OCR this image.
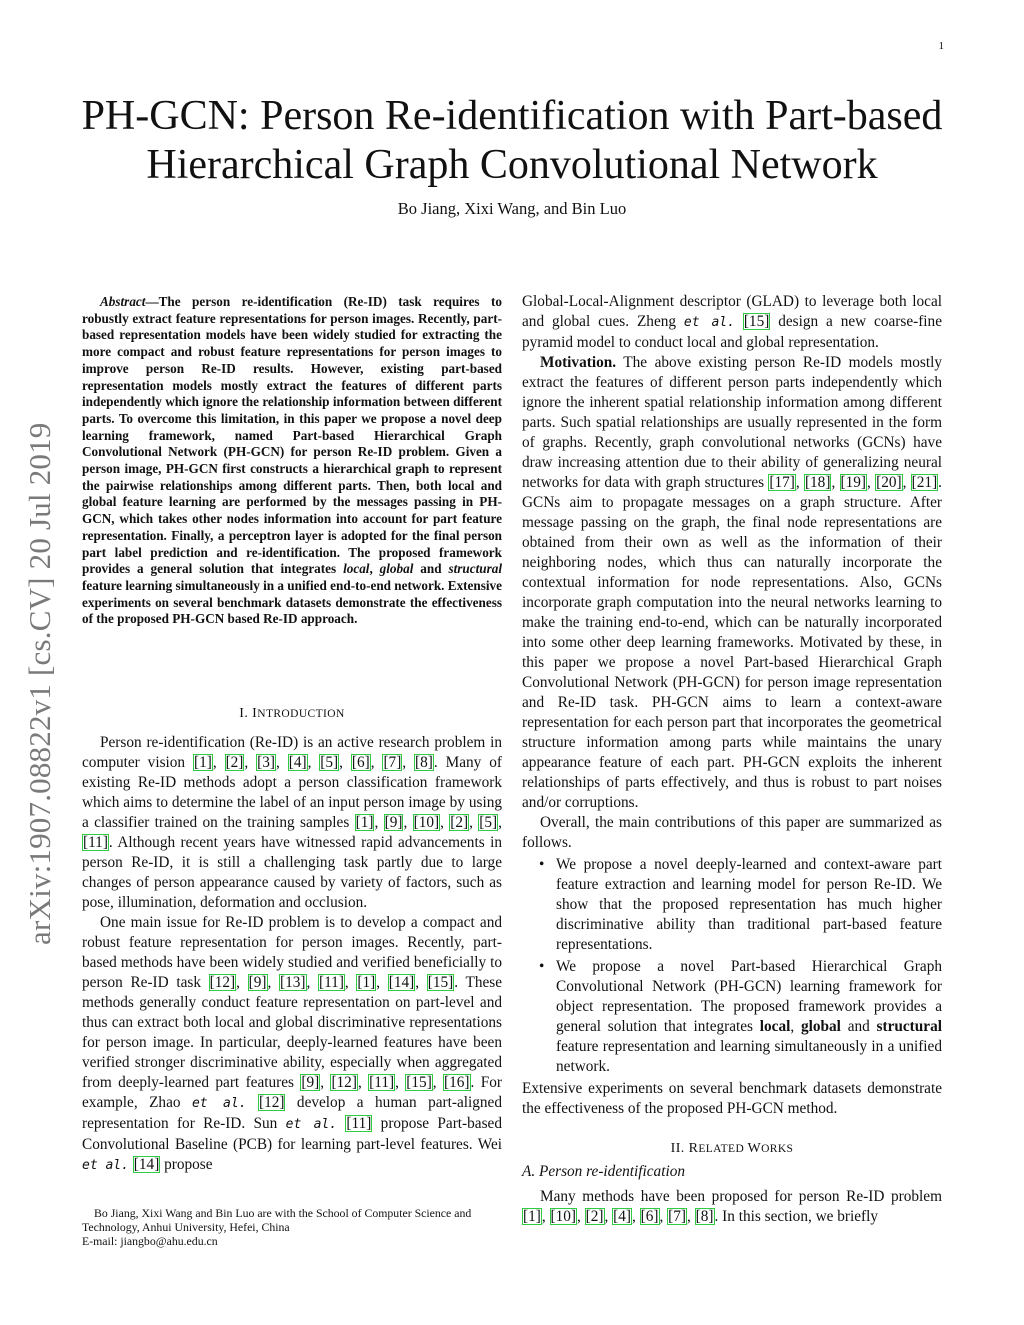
1
arXiv:1907.08822v1 [cs.CV] 20 Jul 2019
PH-GCN: Person Re-identification with Part-based
Hierarchical Graph Convolutional Network
Bo Jiang, Xixi Wang, and Bin Luo
Abstract—The person re-identification (Re-ID) task requires to robustly extract feature representations for person images. Recently, part-based representation models have been widely studied for extracting the more compact and robust feature representations for person images to improve person Re-ID results. However, existing part-based representation models mostly extract the features of different parts independently which ignore the relationship information between different parts. To overcome this limitation, in this paper we propose a novel deep learning framework, named Part-based Hierarchical Graph Convolutional Network (PH-GCN) for person Re-ID problem. Given a person image, PH-GCN first constructs a hierarchical graph to represent the pairwise relationships among different parts. Then, both local and global feature learning are performed by the messages passing in PH-GCN, which takes other nodes information into account for part feature representation. Finally, a perceptron layer is adopted for the final person part label prediction and re-identification. The proposed framework provides a general solution that integrates local, global and structural feature learning simultaneously in a unified end-to-end network. Extensive experiments on several benchmark datasets demonstrate the effectiveness of the proposed PH-GCN based Re-ID approach.

I. INTRODUCTION

Person re-identification (Re-ID) is an active research problem in computer vision [1], [2], [3], [4], [5], [6], [7], [8]. Many of existing Re-ID methods adopt a person classification framework which aims to determine the label of an input person image by using a classifier trained on the training samples [1], [9], [10], [2], [5], [11]. Although recent years have witnessed rapid advancements in person Re-ID, it is still a challenging task partly due to large changes of person appearance caused by variety of factors, such as pose, illumination, deformation and occlusion.

One main issue for Re-ID problem is to develop a compact and robust feature representation for person images. Recently, part-based methods have been widely studied and verified beneficially to person Re-ID task [12], [9], [13], [11], [1], [14], [15]. These methods generally conduct feature representation on part-level and thus can extract both local and global discriminative representations for person image. In particular, deeply-learned features have been verified stronger discriminative ability, especially when aggregated from deeply-learned part features [9], [12], [11], [15], [16]. For example, Zhao et al. [12] develop a human part-aligned representation for Re-ID. Sun et al. [11] propose Part-based Convolutional Baseline (PCB) for learning part-level features. Wei et al. [14] propose

Bo Jiang, Xixi Wang and Bin Luo are with the School of Computer Science and Technology, Anhui University, Hefei, China
E-mail: jiangbo@ahu.edu.cn

Global-Local-Alignment descriptor (GLAD) to leverage both local and global cues. Zheng et al. [15] design a new coarse-fine pyramid model to conduct local and global representation.

Motivation. The above existing person Re-ID models mostly extract the features of different person parts independently which ignore the inherent spatial relationship information among different parts. Such spatial relationships are usually represented in the form of graphs. Recently, graph convolutional networks (GCNs) have draw increasing attention due to their ability of generalizing neural networks for data with graph structures [17], [18], [19], [20], [21]. GCNs aim to propagate messages on a graph structure. After message passing on the graph, the final node representations are obtained from their own as well as the information of their neighboring nodes, which thus can naturally incorporate the contextual information for node representations. Also, GCNs incorporate graph computation into the neural networks learning to make the training end-to-end, which can be naturally incorporated into some other deep learning frameworks. Motivated by these, in this paper we propose a novel Part-based Hierarchical Graph Convolutional Network (PH-GCN) for person image representation and Re-ID task. PH-GCN aims to learn a context-aware representation for each person part that incorporates the geometrical structure information among parts while maintains the unary appearance feature of each part. PH-GCN exploits the inherent relationships of parts effectively, and thus is robust to part noises and/or corruptions.

Overall, the main contributions of this paper are summarized as follows.

• We propose a novel deeply-learned and context-aware part feature extraction and learning model for person Re-ID. We show that the proposed representation has much higher discriminative ability than traditional part-based feature representations.
• We propose a novel Part-based Hierarchical Graph Convolutional Network (PH-GCN) learning framework for object representation. The proposed framework provides a general solution that integrates local, global and structural feature representation and learning simultaneously in a unified network.

Extensive experiments on several benchmark datasets demonstrate the effectiveness of the proposed PH-GCN method.

II. RELATED WORKS

A. Person re-identification

Many methods have been proposed for person Re-ID problem [1], [10], [2], [4], [6], [7], [8]. In this section, we briefly
